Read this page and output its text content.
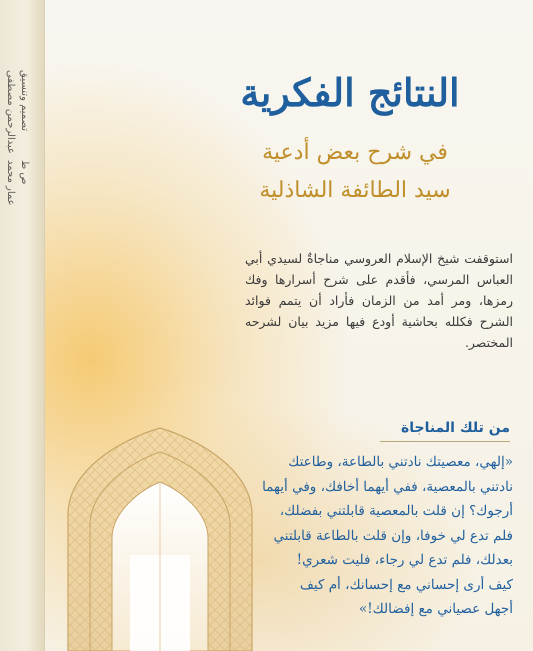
تصميم وتنسيق
عبدالرحمن مصطفى
ص ط
عمار محمد
النتائج الفكرية
في شرح بعض أدعية
سيد الطائفة الشاذلية

استوقفت شيخ الإسلام العروسي مناجاةٌ لسيدي أبي العباس المرسي، فأقدم على شرح أسرارها وفك رمزها، ومر أمد من الزمان فأراد أن يتمم فوائد الشرح فكلله بحاشية أودع فيها مزيد بيان لشرحه المختصر.

من تلك المناجاة
«إلهي، معصيتك نادتني بالطاعة، وطاعتك
نادتني بالمعصية، ففي أيهما أخافك، وفي أيهما
أرجوك؟ إن قلت بالمعصية قابلتني بفضلك،
فلم تدع لي خوفا، وإن قلت بالطاعة قابلتني
بعدلك، فلم تدع لي رجاء، فليت شعري!
كيف أرى إحساني مع إحسانك، أم كيف
أجهل عصياني مع إفضالك!»
